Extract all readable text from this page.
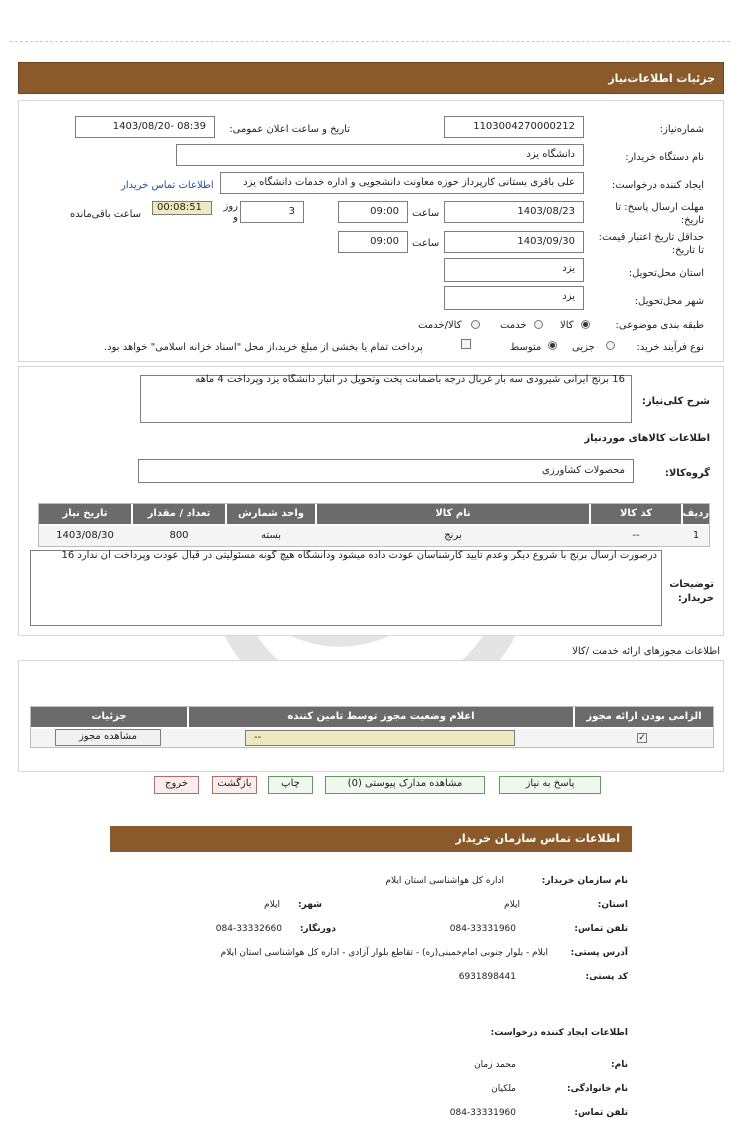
جزئیات اطلاعات‌نیاز
شماره‌نیاز:
1103004270000212
تاریخ و ساعت اعلان عمومی:
1403/08/20- 08:39
نام دستگاه خریدار:
دانشگاه یزد
ایجاد کننده درخواست:
علی باقری بستانی کارپرداز حوزه معاونت دانشجویی و اداره خدمات دانشگاه یزد
اطلاعات تماس خریدار
مهلت ارسال پاسخ: تا تاریخ:
1403/08/23
ساعت
09:00
3
روز و
00:08:51
ساعت باقی‌مانده
حداقل تاریخ اعتبار قیمت: تا تاریخ:
1403/09/30
ساعت
09:00
استان محل‌تحویل:
یزد
شهر محل‌تحویل:
یزد
طبقه بندی موضوعی:
کالا
خدمت
کالا/خدمت
نوع فرآیند خرید:
جزیی
متوسط
پرداخت تمام یا بخشی از مبلغ خرید،از محل "اسناد خزانه اسلامی" خواهد بود.
شرح کلی‌نیاز:
16 برنج ایرانی شیرودی سه بار غربال درجه باضمانت پخت وتحویل در انبار دانشگاه یزد وپرداخت 4 ماهه
اطلاعات کالاهای موردنیاز
گروه‌کالا:
محصولات کشاورزی
ردیف
کد کالا
نام کالا
واحد شمارش
تعداد / مقدار
تاریخ نیاز
1
--
برنج
بسته
800
1403/08/30
توضیحات خریدار:
درصورت ارسال برنج با شروع دیگر وعدم تایید کارشناسان عودت داده میشود ودانشگاه هیچ گونه مسئولیتی در قبال عودت وپرداخت آن ندارد 16
اطلاعات مجوزهای ارائه خدمت /کالا
الزامی بودن ارائه مجوز
اعلام وضعیت مجوز توسط تامین کننده
جزئیات
✓
--
مشاهده مجوز
پاسخ به نیاز
مشاهده مدارک پیوستی (0)
چاپ
بازگشت
خروج
اطلاعات تماس سازمان خریدار
نام سازمان خریدار:
اداره کل هواشناسی استان ایلام
استان:
ایلام
شهر:
ایلام
تلفن تماس:
084-33331960
دورنگار:
084-33332660
آدرس پستی:
ایلام - بلوار جنوبی امام‌خمینی(ره) - تقاطع بلوار آزادی - اداره کل هواشناسی استان ایلام
کد پستی:
6931898441
اطلاعات ایجاد کننده درخواست:
نام:
محمد زمان
نام خانوادگی:
ملکیان
تلفن تماس:
084-33331960
